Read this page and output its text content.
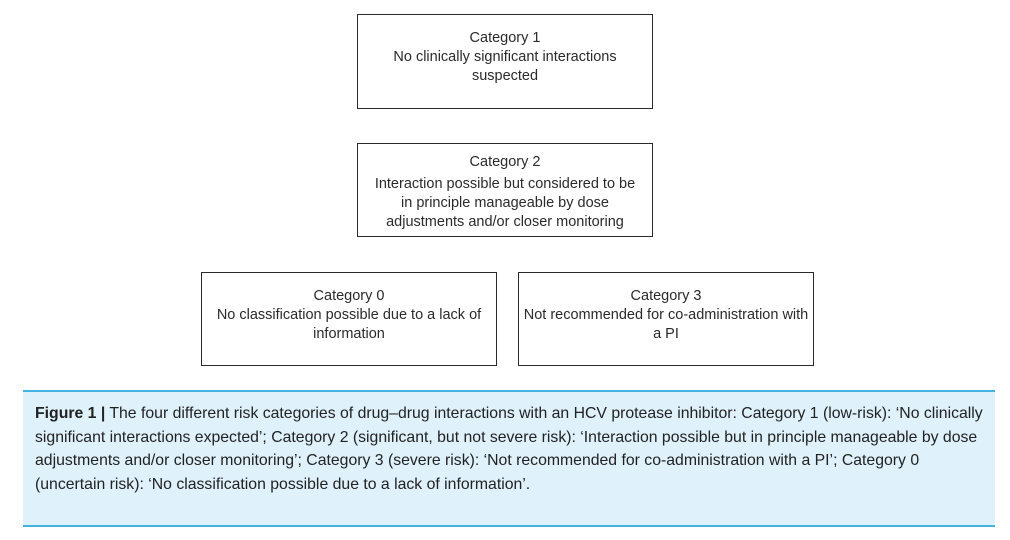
Category 1
No clinically significant interactions suspected
Category 2
Interaction possible but considered to be in principle manageable by dose adjustments and/or closer monitoring
Category 0
No classification possible due to a lack of information
Category 3
Not recommended for co-administration with a PI
Figure 1 | The four different risk categories of drug–drug interactions with an HCV protease inhibitor: Category 1 (low-risk): ‘No clinically significant interactions expected’; Category 2 (significant, but not severe risk): ‘Interaction possible but in principle manageable by dose adjustments and/or closer monitoring’; Category 3 (severe risk): ‘Not recommended for co-administration with a PI’; Category 0 (uncertain risk): ‘No classification possible due to a lack of information’.
